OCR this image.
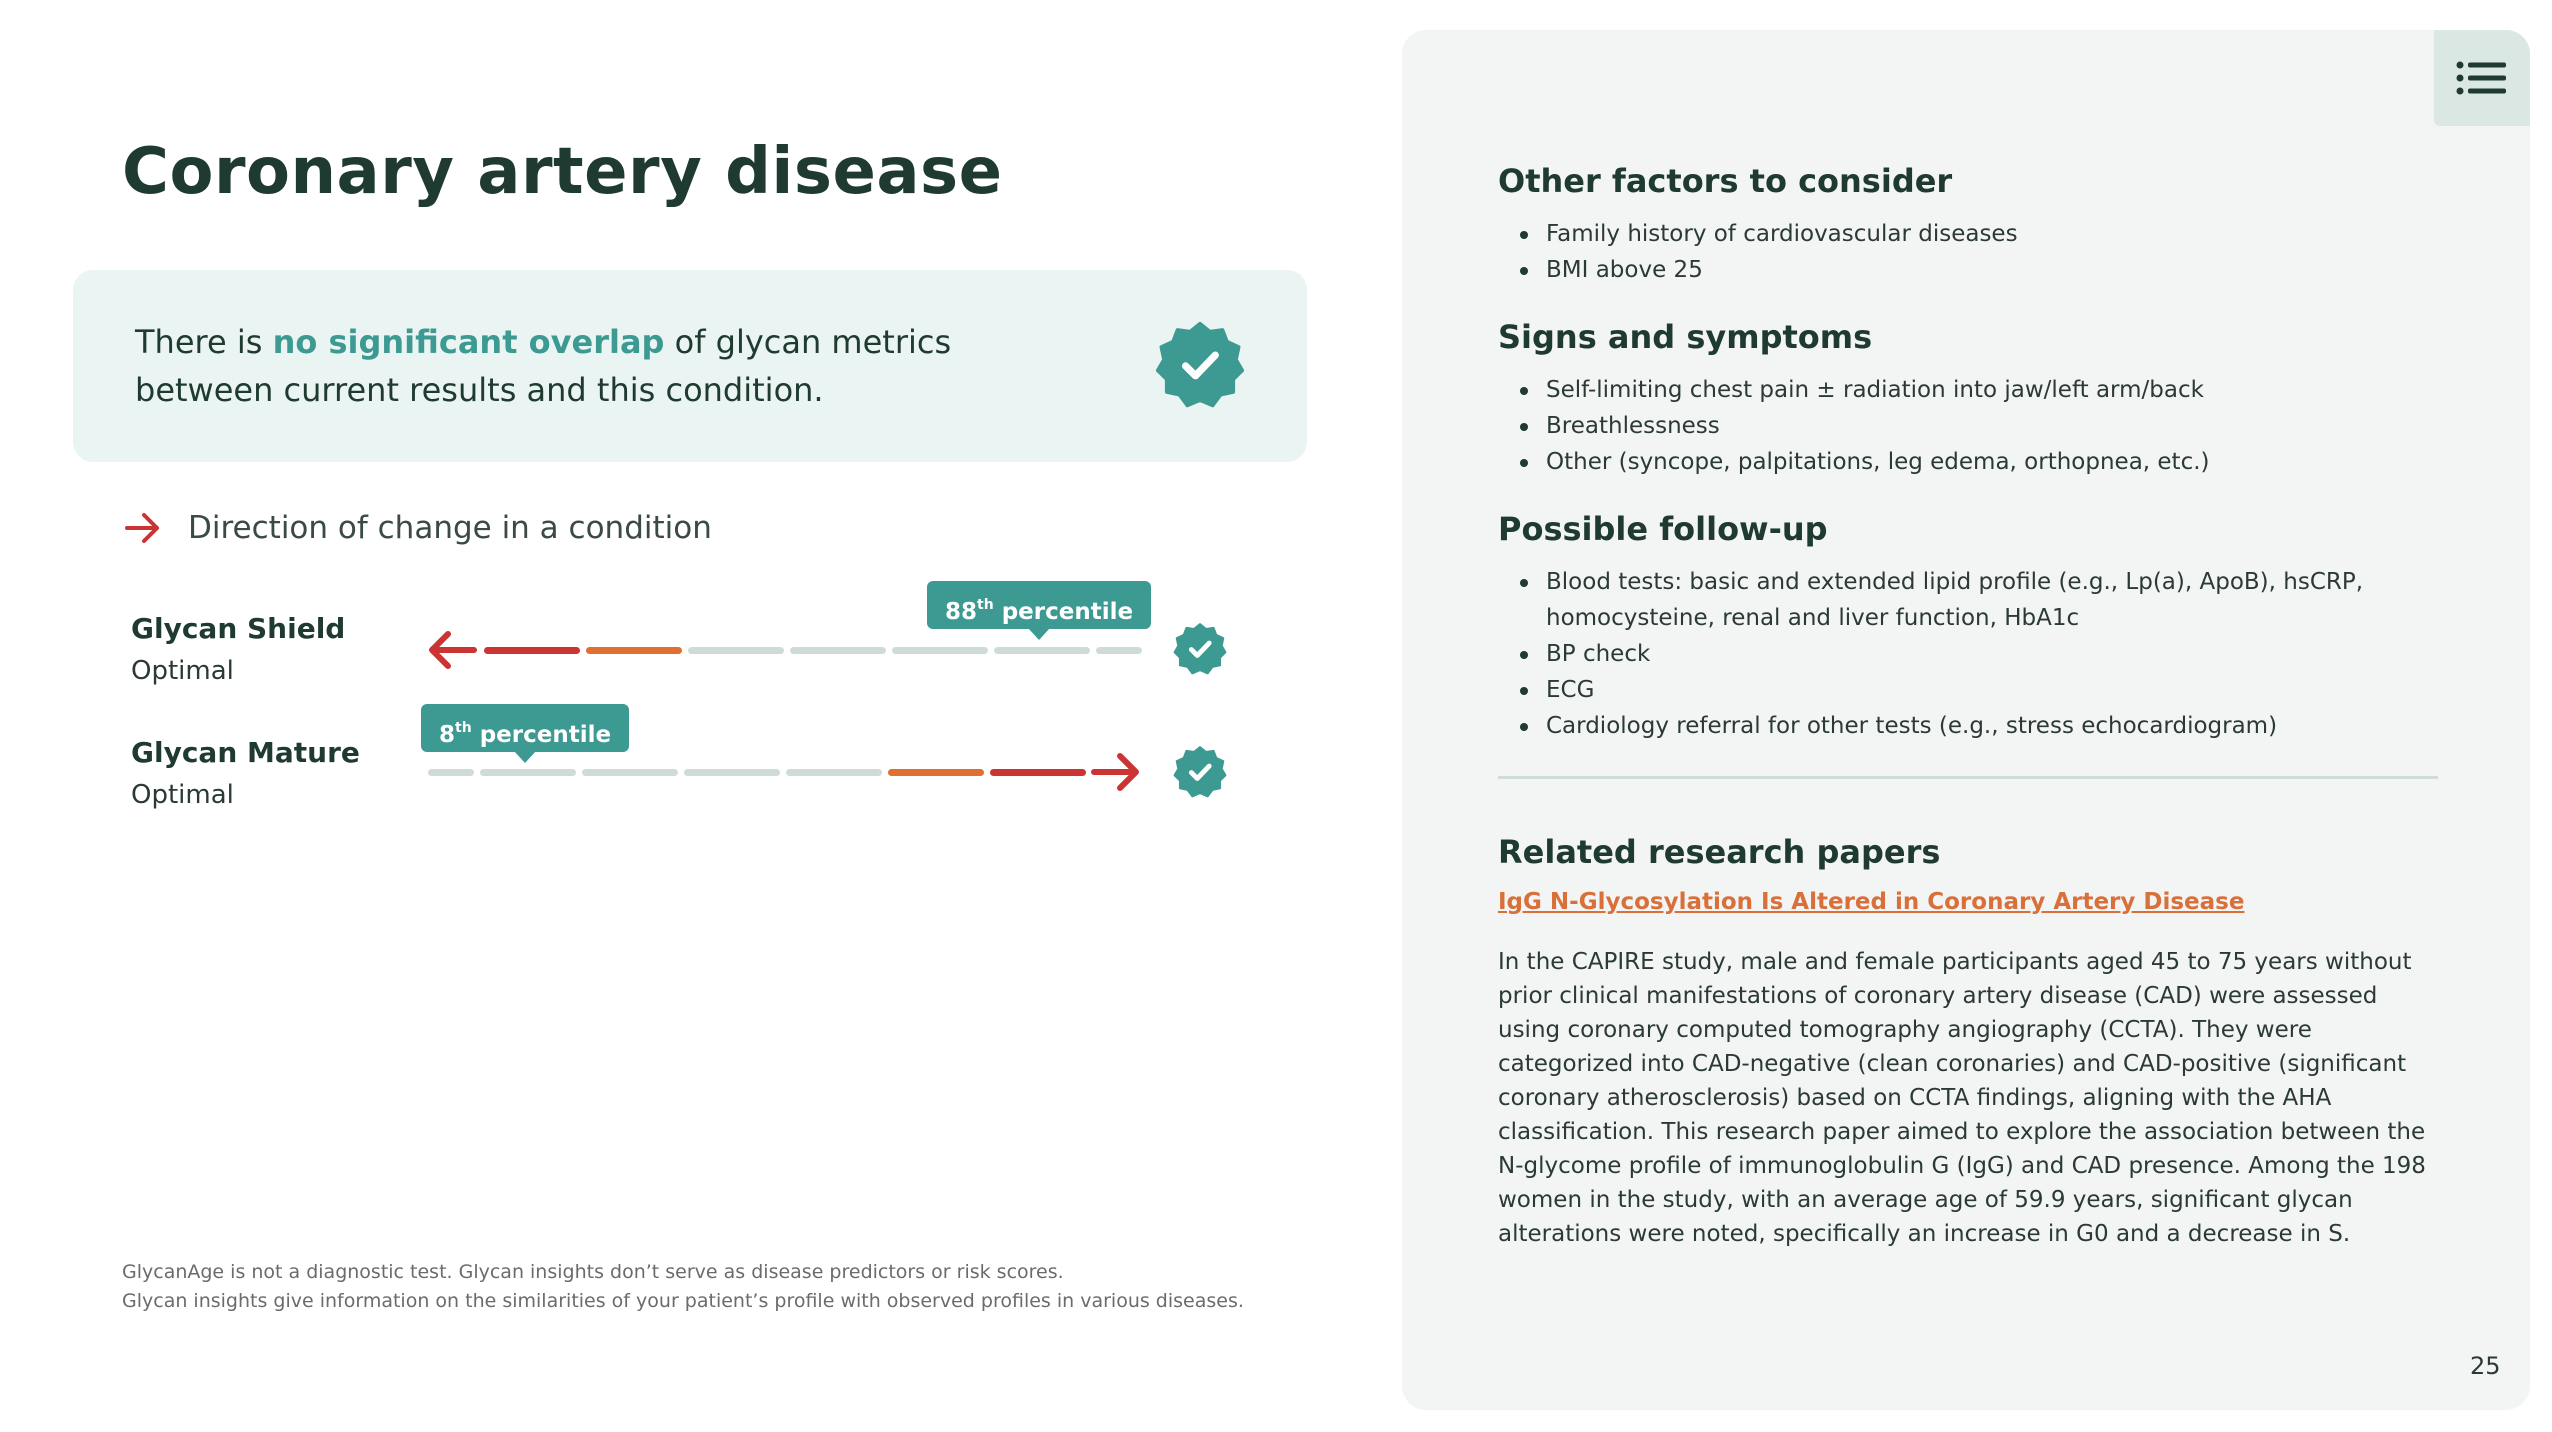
Coronary artery disease

There is no significant overlap of glycan metrics between current results and this condition.

Direction of change in a condition
Glycan Shield
Optimal
88th percentile
Glycan Mature
Optimal
8th percentile
GlycanAge is not a diagnostic test. Glycan insights don’t serve as disease predictors or risk scores.
Glycan insights give information on the similarities of your patient’s profile with observed profiles in various diseases.
Other factors to consider
Family history of cardiovascular diseases
BMI above 25
Signs and symptoms
Self-limiting chest pain ± radiation into jaw/left arm/back
Breathlessness
Other (syncope, palpitations, leg edema, orthopnea, etc.)
Possible follow-up
Blood tests: basic and extended lipid profile (e.g., Lp(a), ApoB), hsCRP, homocysteine, renal and liver function, HbA1c
BP check
ECG
Cardiology referral for other tests (e.g., stress echocardiogram)
Related research papers
IgG N-Glycosylation Is Altered in Coronary Artery Disease

In the CAPIRE study, male and female participants aged 45 to 75 years without prior clinical manifestations of coronary artery disease (CAD) were assessed using coronary computed tomography angiography (CCTA). They were categorized into CAD-negative (clean coronaries) and CAD-positive (significant coronary atherosclerosis) based on CCTA findings, aligning with the AHA classification. This research paper aimed to explore the association between the N-glycome profile of immunoglobulin G (IgG) and CAD presence. Among the 198 women in the study, with an average age of 59.9 years, significant glycan alterations were noted, specifically an increase in G0 and a decrease in S.

25
